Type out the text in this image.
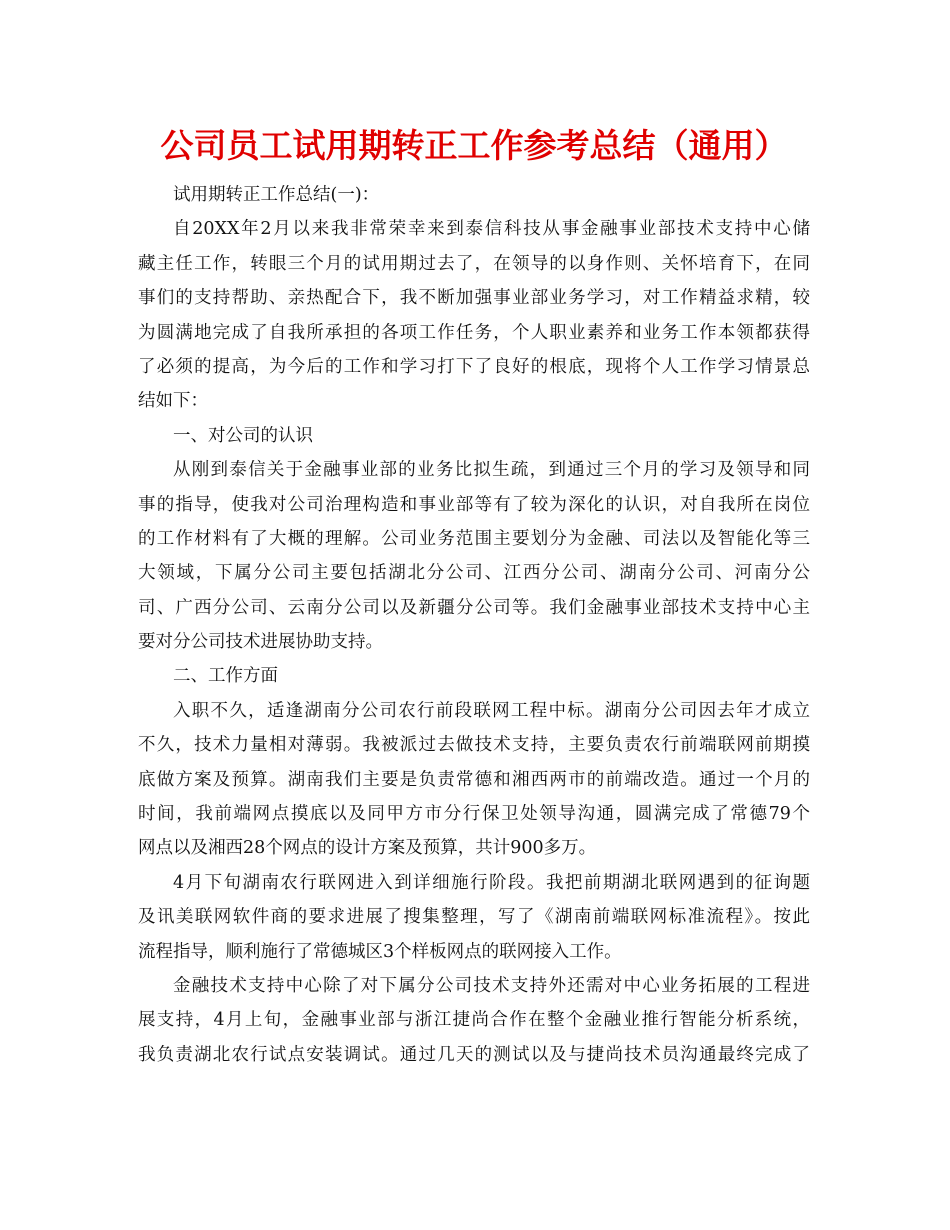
公司员工试用期转正工作参考总结（通用）
试用期转正工作总结(一)：
自20XX年2月以来我非常荣幸来到泰信科技从事金融事业部技术支持中心储
藏主任工作，转眼三个月的试用期过去了，在领导的以身作则、关怀培育下，在同
事们的支持帮助、亲热配合下，我不断加强事业部业务学习，对工作精益求精，较
为圆满地完成了自我所承担的各项工作任务，个人职业素养和业务工作本领都获得
了必须的提高，为今后的工作和学习打下了良好的根底，现将个人工作学习情景总
结如下：
一、对公司的认识
从刚到泰信关于金融事业部的业务比拟生疏，到通过三个月的学习及领导和同
事的指导，使我对公司治理构造和事业部等有了较为深化的认识，对自我所在岗位
的工作材料有了大概的理解。公司业务范围主要划分为金融、司法以及智能化等三
大领域，下属分公司主要包括湖北分公司、江西分公司、湖南分公司、河南分公
司、广西分公司、云南分公司以及新疆分公司等。我们金融事业部技术支持中心主
要对分公司技术进展协助支持。
二、工作方面
入职不久，适逢湖南分公司农行前段联网工程中标。湖南分公司因去年才成立
不久，技术力量相对薄弱。我被派过去做技术支持，主要负责农行前端联网前期摸
底做方案及预算。湖南我们主要是负责常德和湘西两市的前端改造。通过一个月的
时间，我前端网点摸底以及同甲方市分行保卫处领导沟通，圆满完成了常德79个
网点以及湘西28个网点的设计方案及预算，共计900多万。
4月下旬湖南农行联网进入到详细施行阶段。我把前期湖北联网遇到的征询题
及讯美联网软件商的要求进展了搜集整理，写了《湖南前端联网标准流程》。按此
流程指导，顺利施行了常德城区3个样板网点的联网接入工作。
金融技术支持中心除了对下属分公司技术支持外还需对中心业务拓展的工程进
展支持，4月上旬，金融事业部与浙江捷尚合作在整个金融业推行智能分析系统，
我负责湖北农行试点安装调试。通过几天的测试以及与捷尚技术员沟通最终完成了
